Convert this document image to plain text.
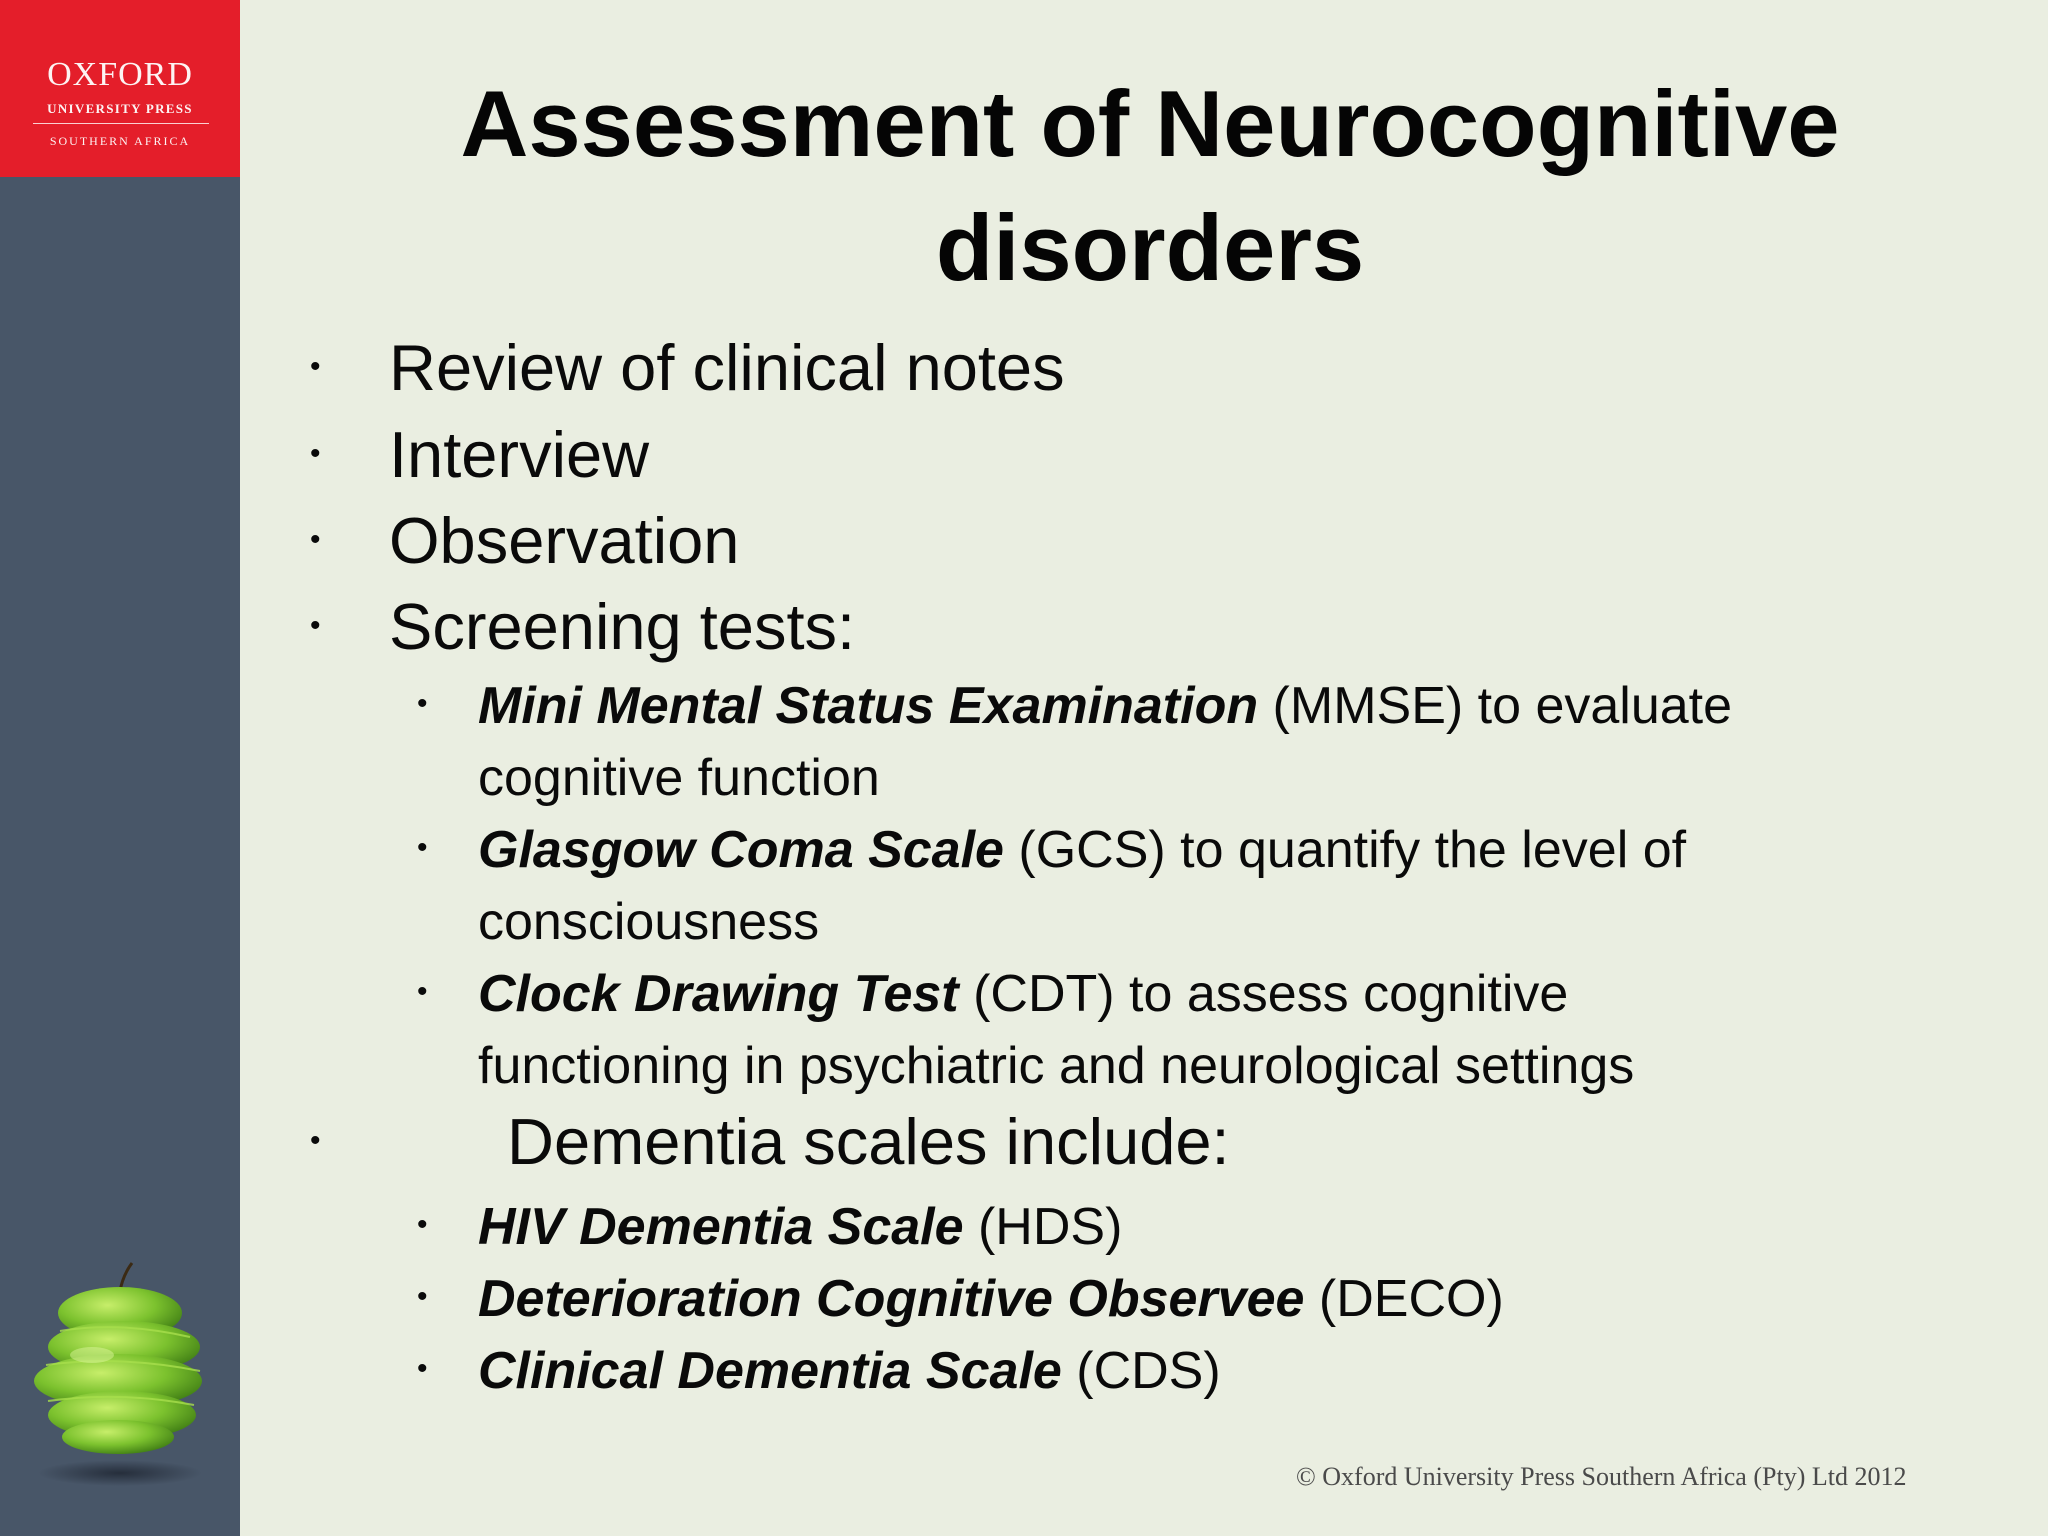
OXFORD
UNIVERSITY PRESS
SOUTHERN AFRICA	Assessment of Neurocognitive
disorders
• Review of clinical notes
• Interview
• Observation
• Screening tests:
• Mini Mental Status Examination (MMSE) to evaluate
cognitive function
• Glasgow Coma Scale (GCS) to quantify the level of
consciousness
• Clock Drawing Test (CDT) to assess cognitive
functioning in psychiatric and neurological settings
•	Dementia scales include:
• HIV Dementia Scale (HDS)
• Deterioration Cognitive Observee (DECO)
• Clinical Dementia Scale (CDS)
© Oxford University Press Southern Africa (Pty) Ltd 2012
